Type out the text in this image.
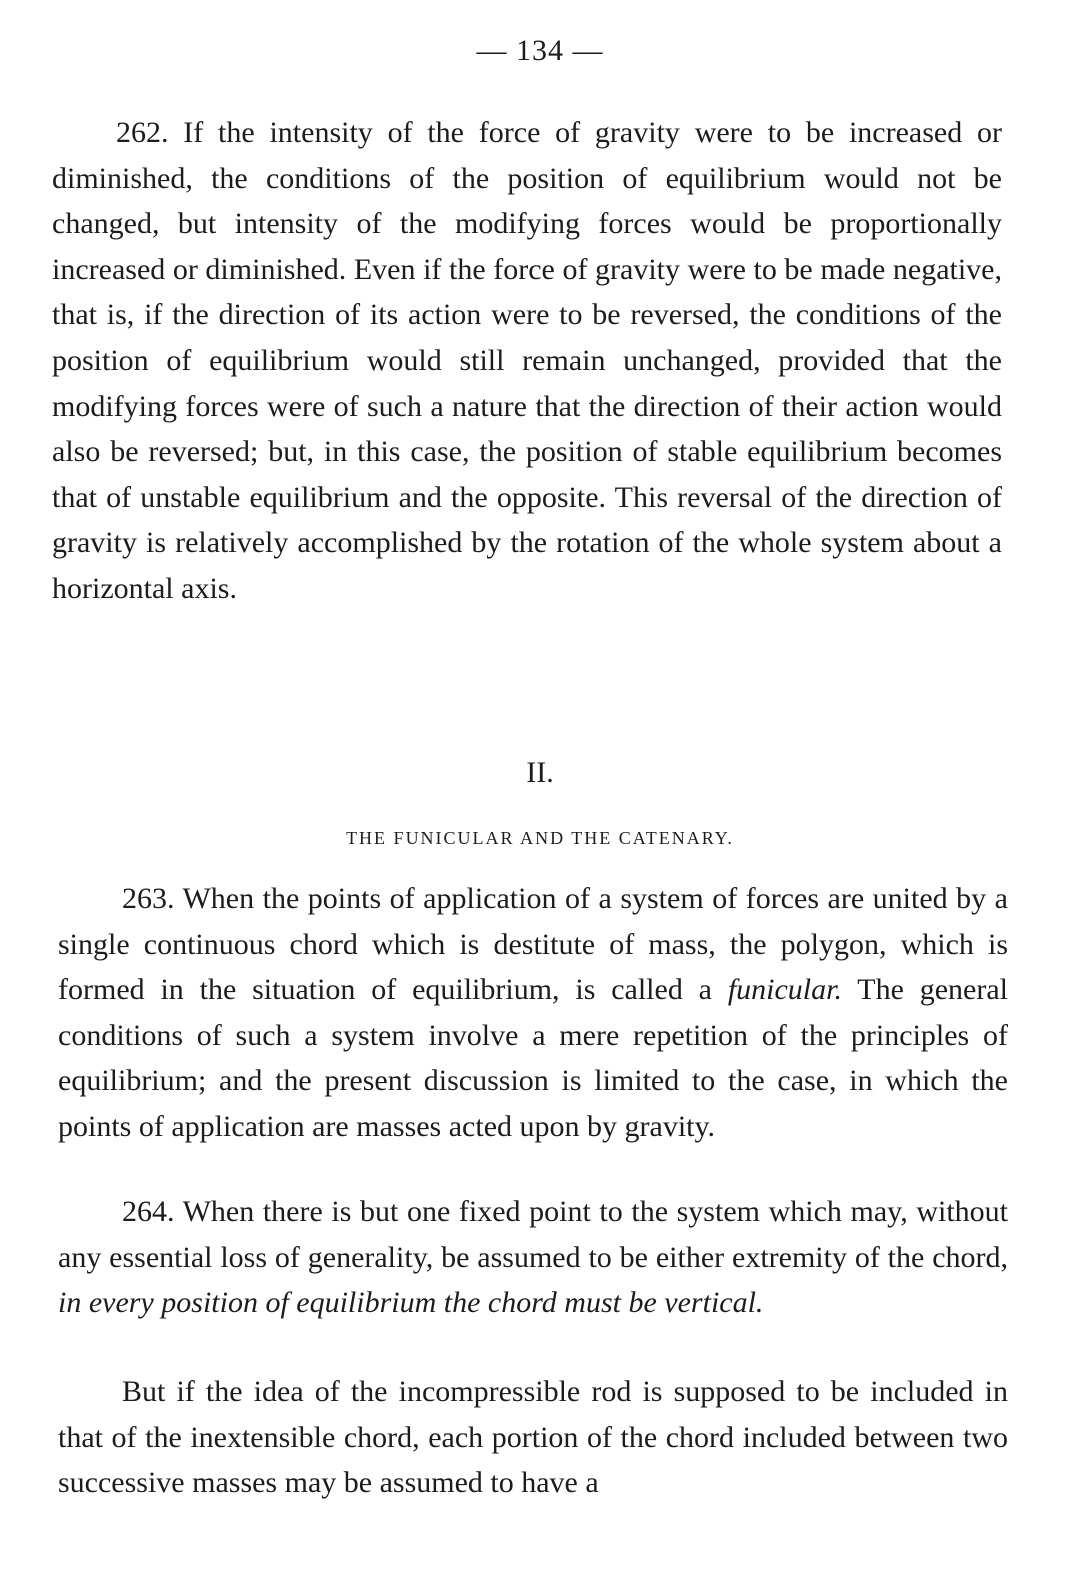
— 134 —

262. If the intensity of the force of gravity were to be increased or diminished, the conditions of the position of equilibrium would not be changed, but intensity of the modifying forces would be proportionally increased or diminished. Even if the force of gravity were to be made negative, that is, if the direction of its action were to be reversed, the conditions of the position of equilibrium would still remain unchanged, provided that the modifying forces were of such a nature that the direction of their action would also be reversed; but, in this case, the position of stable equilibrium becomes that of unstable equilibrium and the opposite. This reversal of the direction of gravity is relatively accomplished by the rotation of the whole system about a horizontal axis.

II.
THE FUNICULAR AND THE CATENARY.

263. When the points of application of a system of forces are united by a single continuous chord which is destitute of mass, the polygon, which is formed in the situation of equilibrium, is called a funicular. The general conditions of such a system involve a mere repetition of the principles of equilibrium; and the present discussion is limited to the case, in which the points of application are masses acted upon by gravity.

264. When there is but one fixed point to the system which may, without any essential loss of generality, be assumed to be either extremity of the chord, in every position of equilibrium the chord must be vertical.

But if the idea of the incompressible rod is supposed to be included in that of the inextensible chord, each portion of the chord included between two successive masses may be assumed to have a
